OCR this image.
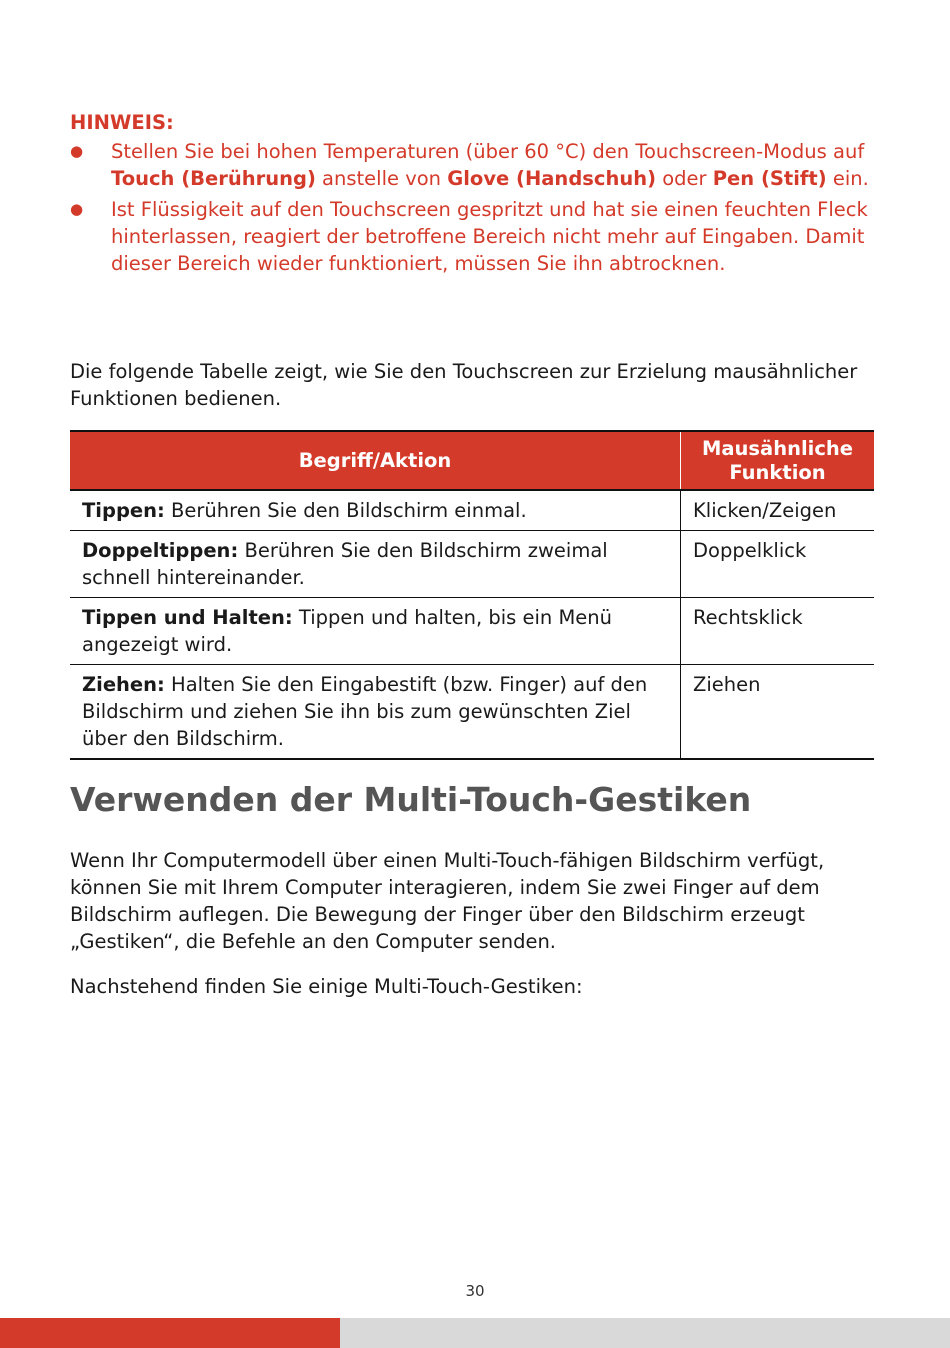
HINWEIS:

● Stellen Sie bei hohen Temperaturen (über 60 °C) den Touchscreen-Modus auf Touch (Berührung) anstelle von Glove (Handschuh) oder Pen (Stift) ein.
● Ist Flüssigkeit auf den Touchscreen gespritzt und hat sie einen feuchten Fleck hinterlassen, reagiert der betroffene Bereich nicht mehr auf Eingaben. Damit dieser Bereich wieder funktioniert, müssen Sie ihn abtrocknen.

Die folgende Tabelle zeigt, wie Sie den Touchscreen zur Erzielung mausähnlicher Funktionen bedienen.

Begriff/Aktion	Mausähnliche Funktion
Tippen: Berühren Sie den Bildschirm einmal.	Klicken/Zeigen
Doppeltippen: Berühren Sie den Bildschirm zweimal schnell hintereinander.	Doppelklick
Tippen und Halten: Tippen und halten, bis ein Menü angezeigt wird.	Rechtsklick
Ziehen: Halten Sie den Eingabestift (bzw. Finger) auf den Bildschirm und ziehen Sie ihn bis zum gewünschten Ziel über den Bildschirm.	Ziehen
Verwenden der Multi-Touch-Gestiken

Wenn Ihr Computermodell über einen Multi-Touch-fähigen Bildschirm verfügt, können Sie mit Ihrem Computer interagieren, indem Sie zwei Finger auf dem Bildschirm auflegen. Die Bewegung der Finger über den Bildschirm erzeugt „Gestiken“, die Befehle an den Computer senden.

Nachstehend finden Sie einige Multi-Touch-Gestiken:

30
